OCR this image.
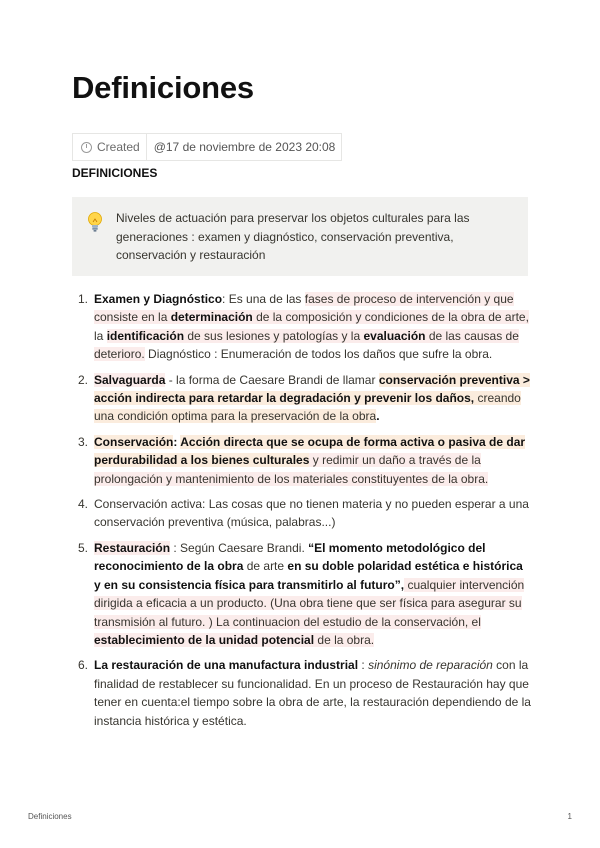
Definiciones
Created	@17 de noviembre de 2023 20:08
DEFINICIONES
Niveles de actuación para preservar los objetos culturales para las generaciones : examen y diagnóstico, conservación preventiva, conservación y restauración
1. Examen y Diagnóstico: Es una de las fases de proceso de intervención y que consiste en la determinación de la composición y condiciones de la obra de arte, la identificación de sus lesiones y patologías y la evaluación de las causas de deterioro. Diagnóstico : Enumeración de todos los daños que sufre la obra.
2. Salvaguarda - la forma de Caesare Brandi de llamar conservación preventiva > acción indirecta para retardar la degradación y prevenir los daños, creando una condición optima para la preservación de la obra.
3. Conservación: Acción directa que se ocupa de forma activa o pasiva de dar perdurabilidad a los bienes culturales y redimir un daño a través de la prolongación y mantenimiento de los materiales constituyentes de la obra.
4. Conservación activa: Las cosas que no tienen materia y no pueden esperar a una conservación preventiva (música, palabras...)
5. Restauración : Según Caesare Brandi. “El momento metodológico del reconocimiento de la obra de arte en su doble polaridad estética e histórica y en su consistencia física para transmitirlo al futuro”, cualquier intervención dirigida a eficacia a un producto. (Una obra tiene que ser física para asegurar su transmisión al futuro. ) La continuacion del estudio de la conservación, el establecimiento de la unidad potencial de la obra.
6. La restauración de una manufactura industrial : sinónimo de reparación con la finalidad de restablecer su funcionalidad. En un proceso de Restauración hay que tener en cuenta:el tiempo sobre la obra de arte, la restauración dependiendo de la instancia histórica y estética.
Definiciones	1
